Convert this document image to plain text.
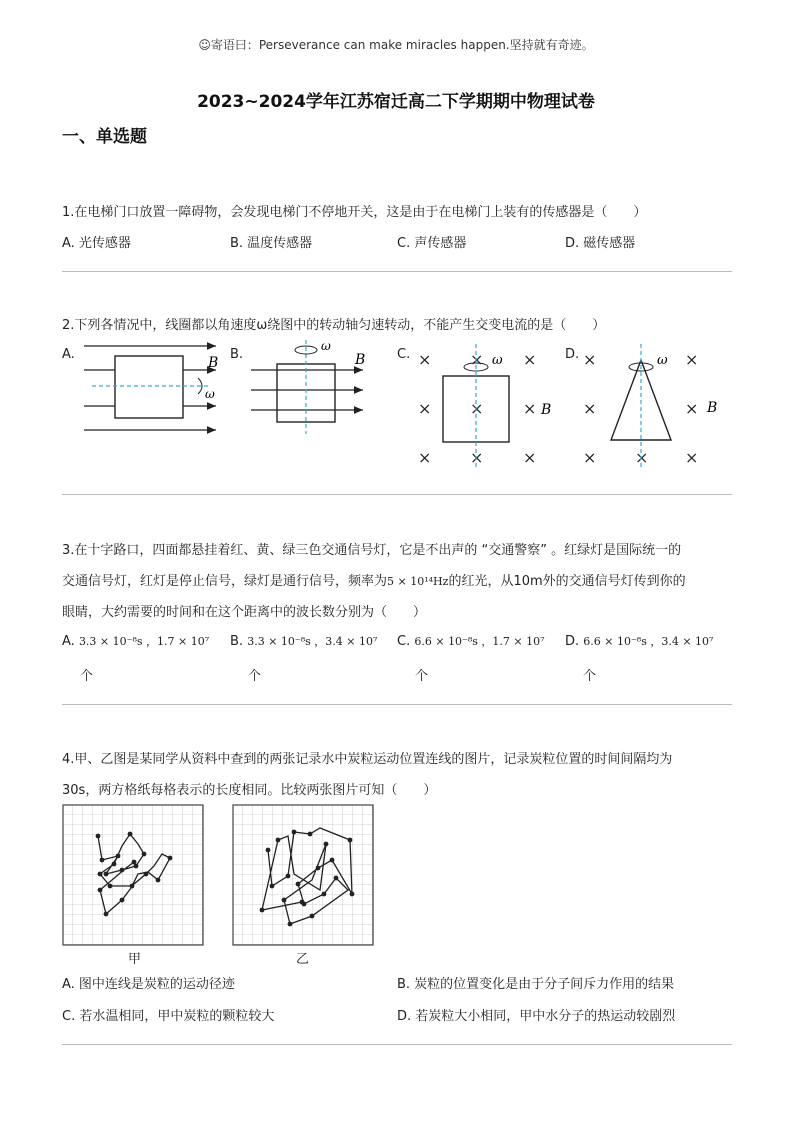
☺寄语曰：Perseverance can make miracles happen.坚持就有奇迹。
2023~2024学年江苏宿迁高二下学期期中物理试卷
一、单选题
1.在电梯门口放置一障碍物，会发现电梯门不停地开关，这是由于在电梯门上装有的传感器是（　　）
A. 光传感器	B. 温度传感器	C. 声传感器	D. 磁传感器
2.下列各情况中，线圈都以角速度ω绕图中的转动轴匀速转动，不能产生交变电流的是（　　）
A.	B.	C.	D.
B
ω
ω
B	× × ×
× × ×
× × ×
ω
B
×	×
×	×
× × ×
ω
B
3.在十字路口，四面都悬挂着红、黄、绿三色交通信号灯，它是不出声的 “交通警察” 。红绿灯是国际统一的
交通信号灯，红灯是停止信号，绿灯是通行信号，频率为5 × 10¹⁴Hz的红光，从10m外的交通信号灯传到你的
眼睛，大约需要的时间和在这个距离中的波长数分别为（　　）
A. 3.3 × 10⁻⁸s ，1.7 × 10⁷
个
B. 3.3 × 10⁻⁸s ，3.4 × 10⁷
个
C. 6.6 × 10⁻⁸s ，1.7 × 10⁷
个
D. 6.6 × 10⁻⁸s ，3.4 × 10⁷
个
4.甲、乙图是某同学从资料中查到的两张记录水中炭粒运动位置连线的图片，记录炭粒位置的时间间隔均为
30s，两方格纸每格表示的长度相同。比较两张图片可知（　　）
甲	乙
A. 图中连线是炭粒的运动径迹	B. 炭粒的位置变化是由于分子间斥力作用的结果
C. 若水温相同，甲中炭粒的颗粒较大	D. 若炭粒大小相同，甲中水分子的热运动较剧烈
